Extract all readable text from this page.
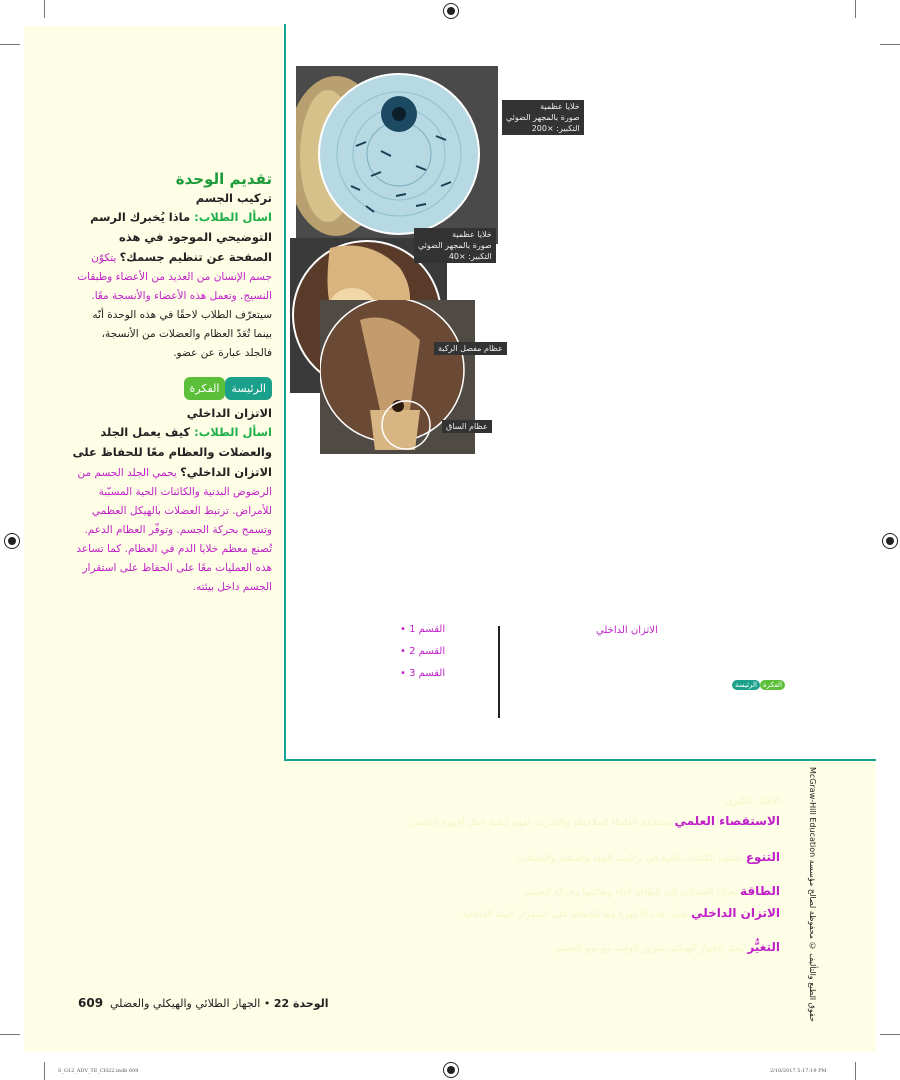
تقديم الوحدة
تركيب الجسم
اسأل الطلاب: ماذا يُخبرك الرسم التوضيحي الموجود في هذه الصفحة عن تنظيم جسمك؟ يتكوّن جسم الإنسان من العديد من الأعضاء وطبقات النسيج. وتعمل هذه الأعضاء والأنسجة معًا. سيتعرّف الطلاب لاحقًا في هذه الوحدة أنّه بينما تُعَدّ العظام والعضلات من الأنسجة، فالجلد عبارة عن عضو.
الرئيسةالفكرة
الاتزان الداخلي
اسأل الطلاب: كيف يعمل الجلد والعضلات والعظام معًا للحفاظ على الاتزان الداخلي؟ يحمي الجلد الجسم من الرضوض البدنية والكائنات الحية المسبّبة للأمراض. ترتبط العضلات بالهيكل العظمي وتسمح بحركة الجسم. وتوفّر العظام الدعم. تُصنع معظم خلايا الدم في العظام. كما تساعد هذه العمليات معًا على الحفاظ على استقرار الجسم داخل بيئته.
خلايا عظمية
صورة بالمجهر الضوئي
التكبير: ×200
خلايا عظمية
صورة بالمجهر الضوئي
التكبير: ×40
عظام مفصل الركبة
عظام الساق
القسم 1 •
القسم 2 •
القسم 3 •
الاتزان الداخلي
الرئيسة الفكرة
الأفكار الكبرى
الاستقصاء العلمي يستخدم العلماء الملاحظة والتجريب لفهم كيفية عمل أجهزة الجسم.
التنوع تختلف الكائنات الحية في تراكيب الجلد والعظام والعضلات.
الطاقة تحتاج العضلات إلى الطاقة لأداء وظائفها وحركة الجسم.
الاتزان الداخلي تعمل هذه الأجهزة معًا للحفاظ على استقرار البيئة الداخلية.
التغيُّر يتغيّر الجهاز الهيكلي بمرور الوقت مع نمو الجسم.
McGraw-Hill Education حقوق الطبع والتأليف © محفوظة لصالح مؤسسة
609	الوحدة 22 • الجهاز الطلائي والهيكلي والعضلي
S_G12_ADV_TE_CH22.indb 609	2/18/2017 5:17:19 PM
